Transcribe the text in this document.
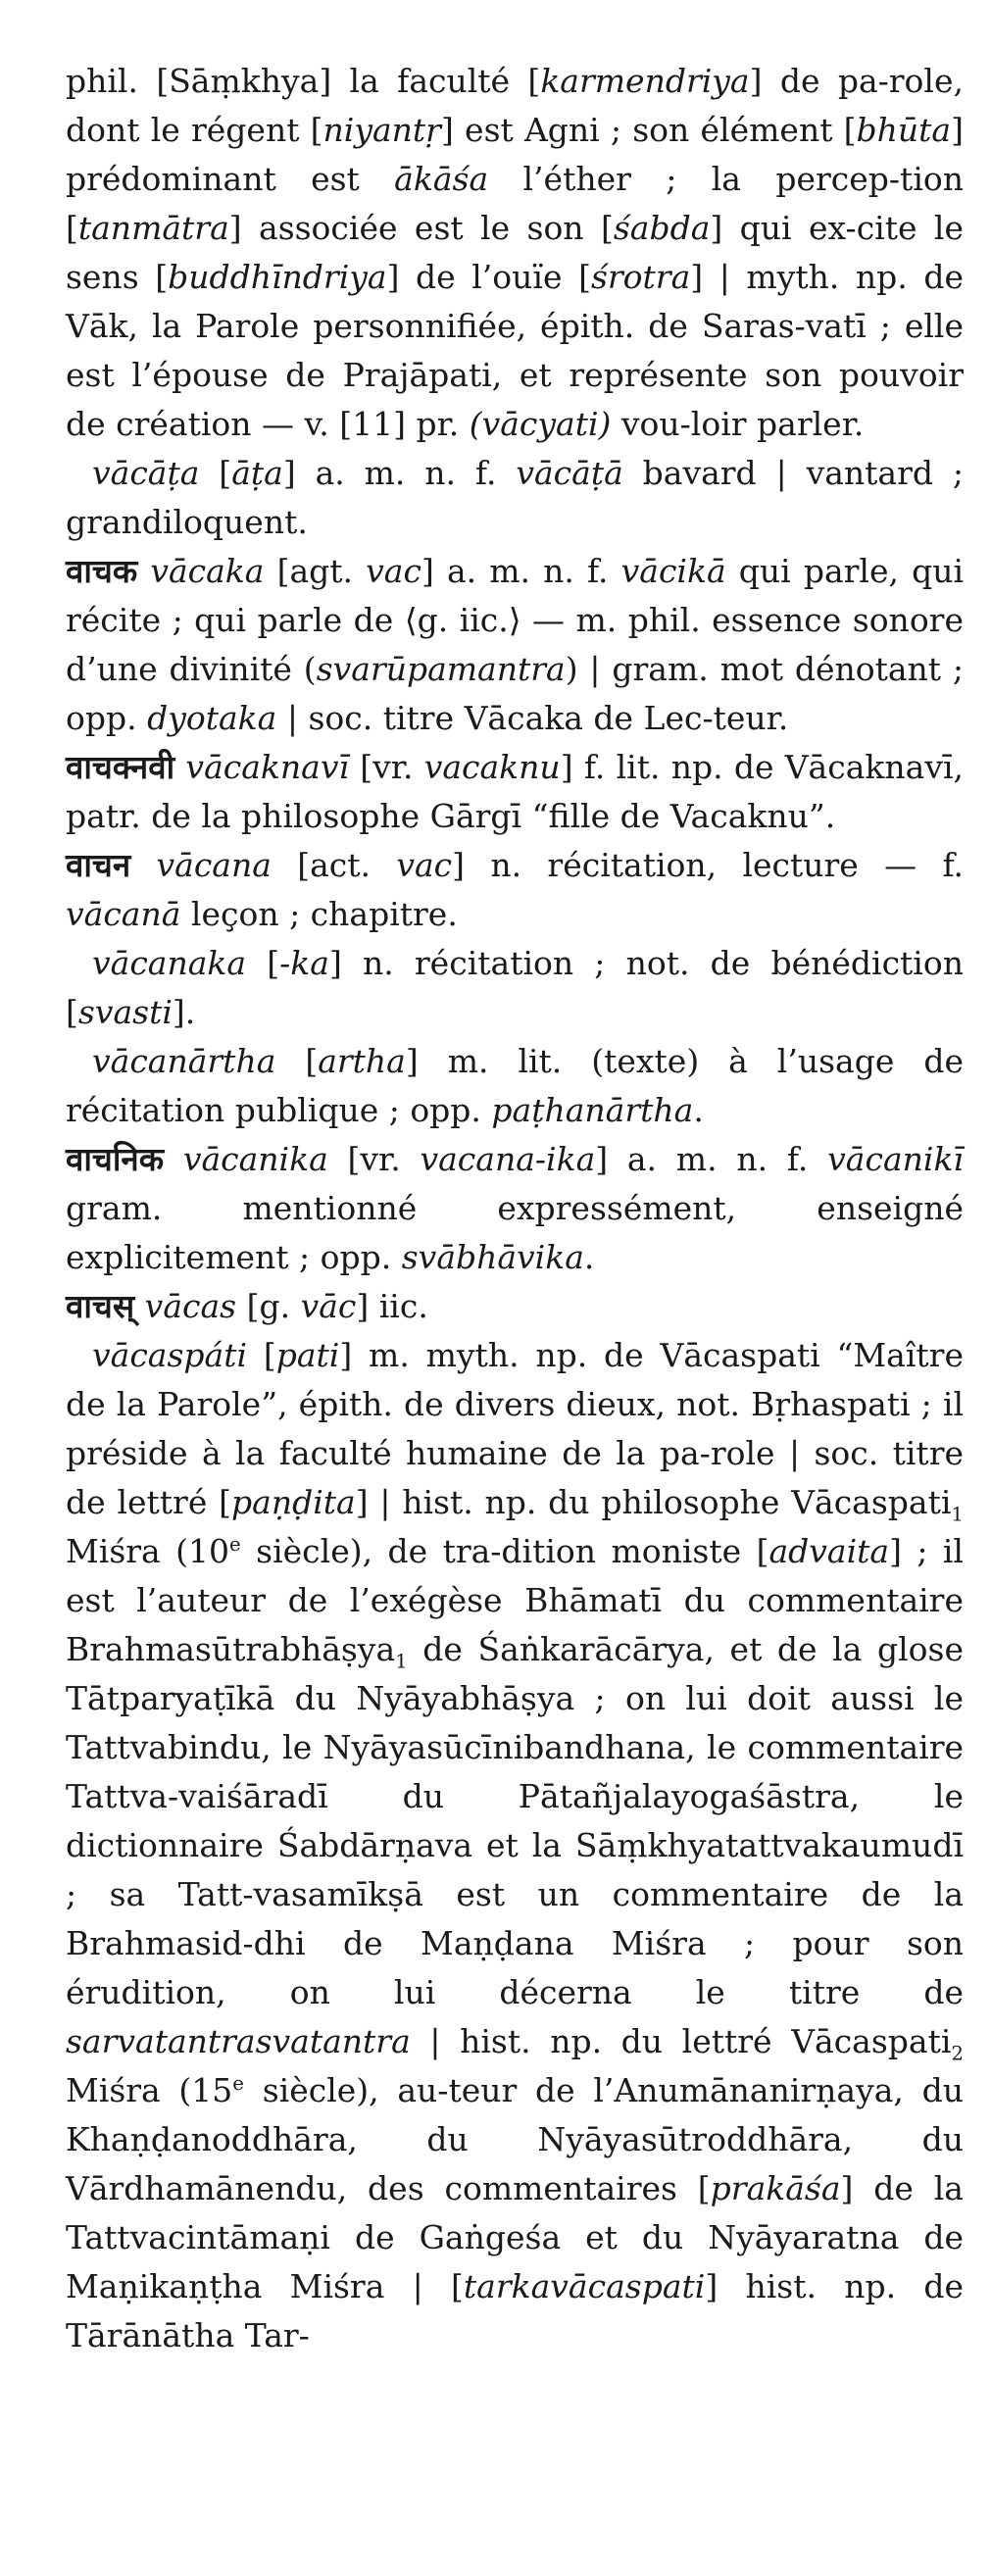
phil. [Sāṃkhya] la faculté [karmendriya] de pa-role, dont le régent [niyantṛ] est Agni ; son élément [bhūta] prédominant est ākāśa l’éther ; la percep-tion [tanmātra] associée est le son [śabda] qui ex-cite le sens [buddhīndriya] de l’ouïe [śrotra] | myth. np. de Vāk, la Parole personnifiée, épith. de Saras-vatī ; elle est l’épouse de Prajāpati, et représente son pouvoir de création — v. [11] pr. (vācyati) vou-loir parler.

vācāṭa [āṭa] a. m. n. f. vācāṭā bavard | vantard ; grandiloquent.

वाचक vācaka [agt. vac] a. m. n. f. vācikā qui parle, qui récite ; qui parle de ⟨g. iic.⟩ — m. phil. essence sonore d’une divinité (svarūpamantra) | gram. mot dénotant ; opp. dyotaka | soc. titre Vācaka de Lec-teur.

वाचक्नवी vācaknavī [vr. vacaknu] f. lit. np. de Vācaknavī, patr. de la philosophe Gārgī “fille de Vacaknu”.

वाचन vācana [act. vac] n. récitation, lecture — f. vācanā leçon ; chapitre.

vācanaka [-ka] n. récitation ; not. de bénédiction [svasti].

vācanārtha [artha] m. lit. (texte) à l’usage de récitation publique ; opp. paṭhanārtha.

वाचनिक vācanika [vr. vacana-ika] a. m. n. f. vācanikī gram. mentionné expressément, enseigné explicitement ; opp. svābhāvika.

वाचस् vācas [g. vāc] iic.

vācaspáti [pati] m. myth. np. de Vācaspati “Maître de la Parole”, épith. de divers dieux, not. Bṛhaspati ; il préside à la faculté humaine de la pa-role | soc. titre de lettré [paṇḍita] | hist. np. du philosophe Vācaspati$_1$ Miśra (10e siècle), de tra-dition moniste [advaita] ; il est l’auteur de l’exégèse Bhāmatī du commentaire Brahmasūtrabhāṣya$_1$ de Śaṅkarācārya, et de la glose Tātparyaṭīkā du Nyāyabhāṣya ; on lui doit aussi le Tattvabindu, le Nyāyasūcīnibandhana, le commentaire Tattva-vaiśāradī du Pātañjalayogaśāstra, le dictionnaire Śabdārṇava et la Sāṃkhyatattvakaumudī ; sa Tatt-vasamīkṣā est un commentaire de la Brahmasid-dhi de Maṇḍana Miśra ; pour son érudition, on lui décerna le titre de sarvatantrasvatantra | hist. np. du lettré Vācaspati$_2$ Miśra (15e siècle), au-teur de l’Anumānanirṇaya, du Khaṇḍanoddhāra, du Nyāyasūtroddhāra, du Vārdhamānendu, des commentaires [prakāśa] de la Tattvacintāmaṇi de Gaṅgeśa et du Nyāyaratna de Maṇikaṇṭha Miśra | [tarkavācaspati] hist. np. de Tārānātha Tar-
